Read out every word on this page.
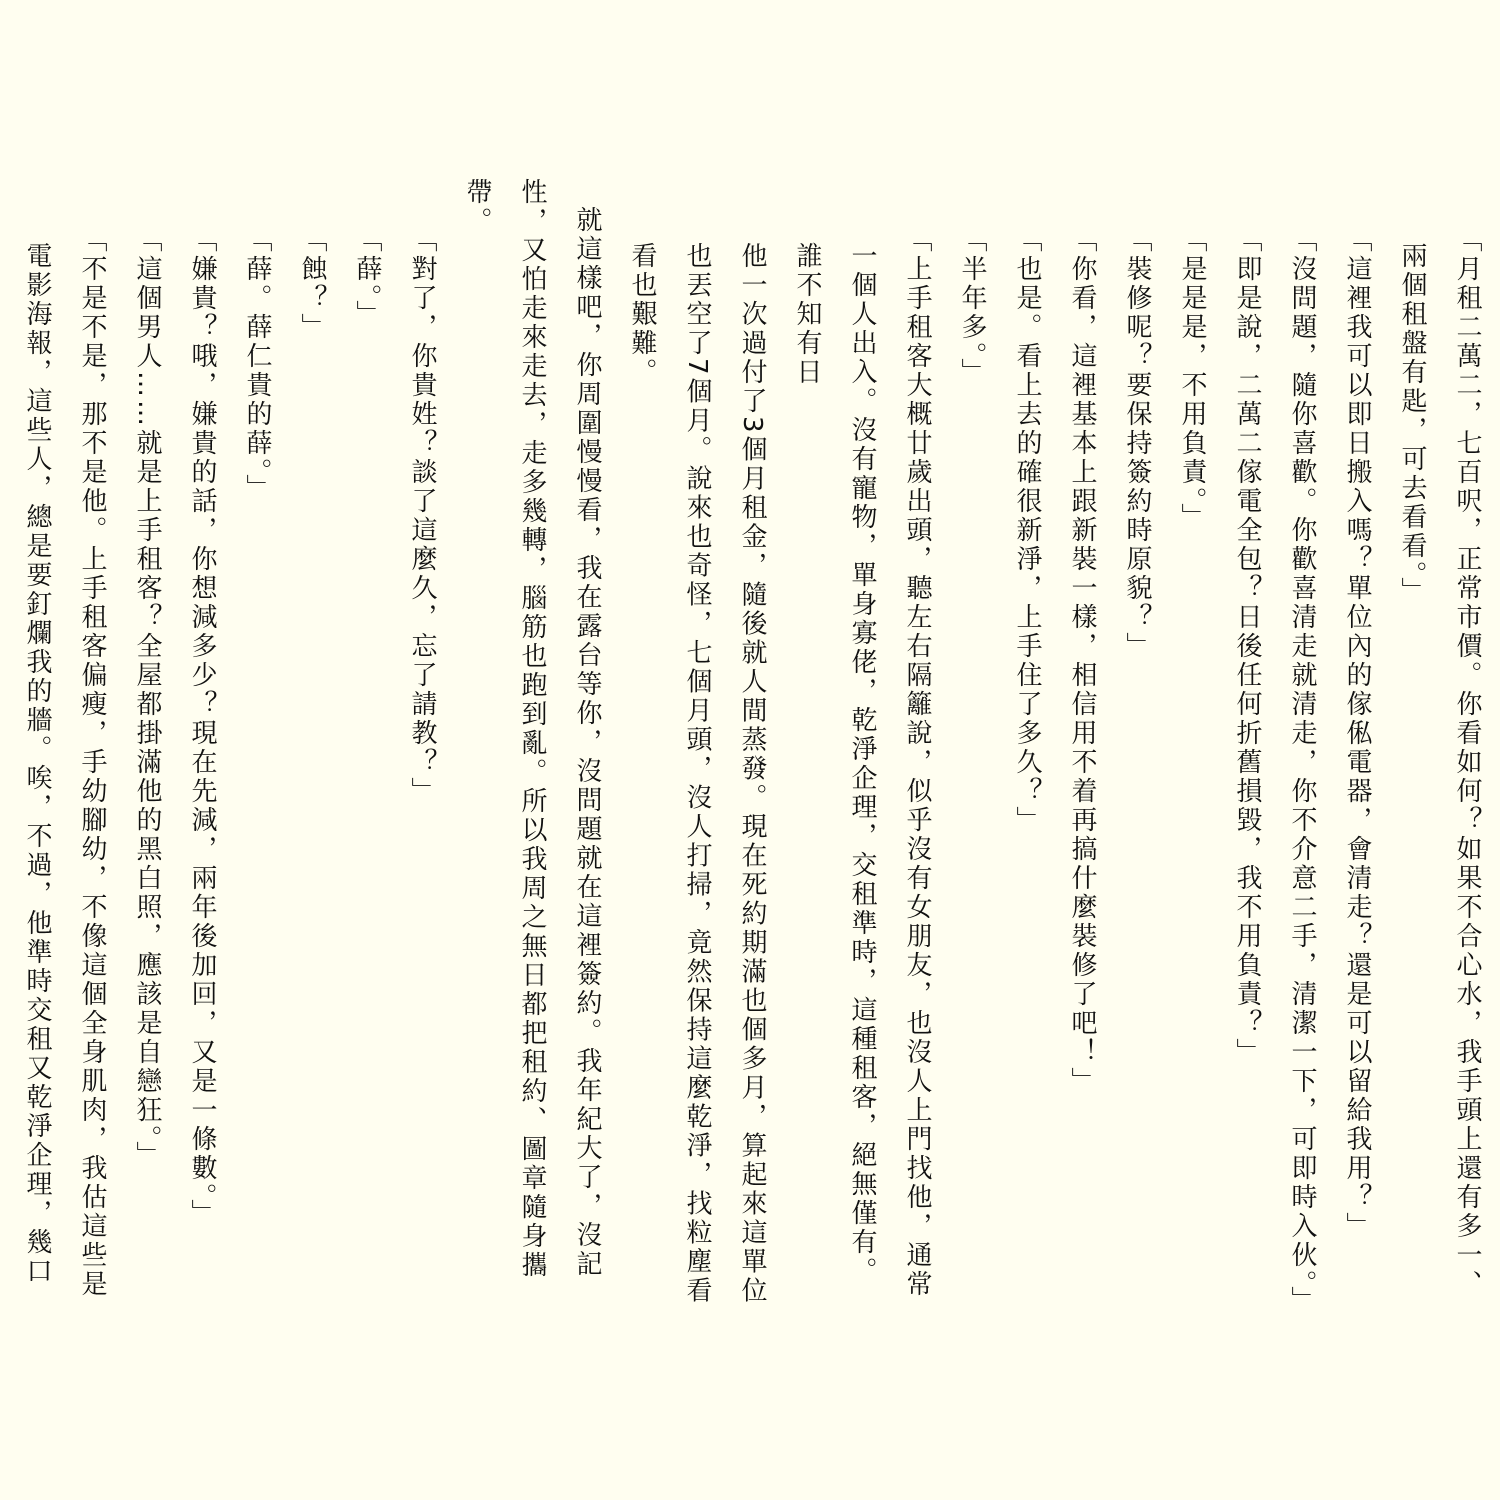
「月租二萬二，七百呎，正常市價。你看如何？如果不合心水，我手頭上還有多一、兩個租盤有匙，可去看看。」

「這裡我可以即日搬入嗎？單位內的傢俬電器，會清走？還是可以留給我用？」

「沒問題，隨你喜歡。你歡喜清走就清走，你不介意二手，清潔一下，可即時入伙。」

「即是說，二萬二傢電全包？日後任何折舊損毀，我不用負責？」

「是是是，不用負責。」

「裝修呢？要保持簽約時原貌？」

「你看，這裡基本上跟新裝一樣，相信用不着再搞什麼裝修了吧！」

「也是。看上去的確很新淨，上手住了多久？」

「半年多。」

「上手租客大概廿歲出頭，聽左右隔籬說，似乎沒有女朋友，也沒人上門找他，通常一個人出入。沒有寵物，單身寡佬，乾淨企理，交租準時，這種租客，絕無僅有。誰不知有日

他一次過付了3個月租金，隨後就人間蒸發。現在死約期滿也個多月，算起來這單位也丟空了7個月。說來也奇怪，七個月頭，沒人打掃，竟然保持這麼乾淨，找粒塵看看也艱難。

就這樣吧，你周圍慢慢看，我在露台等你，沒問題就在這裡簽約。我年紀大了，沒記性，又怕走來走去，走多幾轉，腦筋也跑到亂。所以我周之無日都把租約、圖章隨身攜帶。

「對了，你貴姓？談了這麼久，忘了請教？」

「薛。」

「蝕？」

「薛。薛仁貴的薛。」

「嫌貴？哦，嫌貴的話，你想減多少？現在先減，兩年後加回，又是一條數。」

「這個男人……就是上手租客？全屋都掛滿他的黑白照，應該是自戀狂。」

「不是不是，那不是他。上手租客偏瘦，手幼腳幼，不像這個全身肌肉，我估這些是電影海報，這些人，總是要釘爛我的牆。唉，不過，他準時交租又乾淨企理，幾口
